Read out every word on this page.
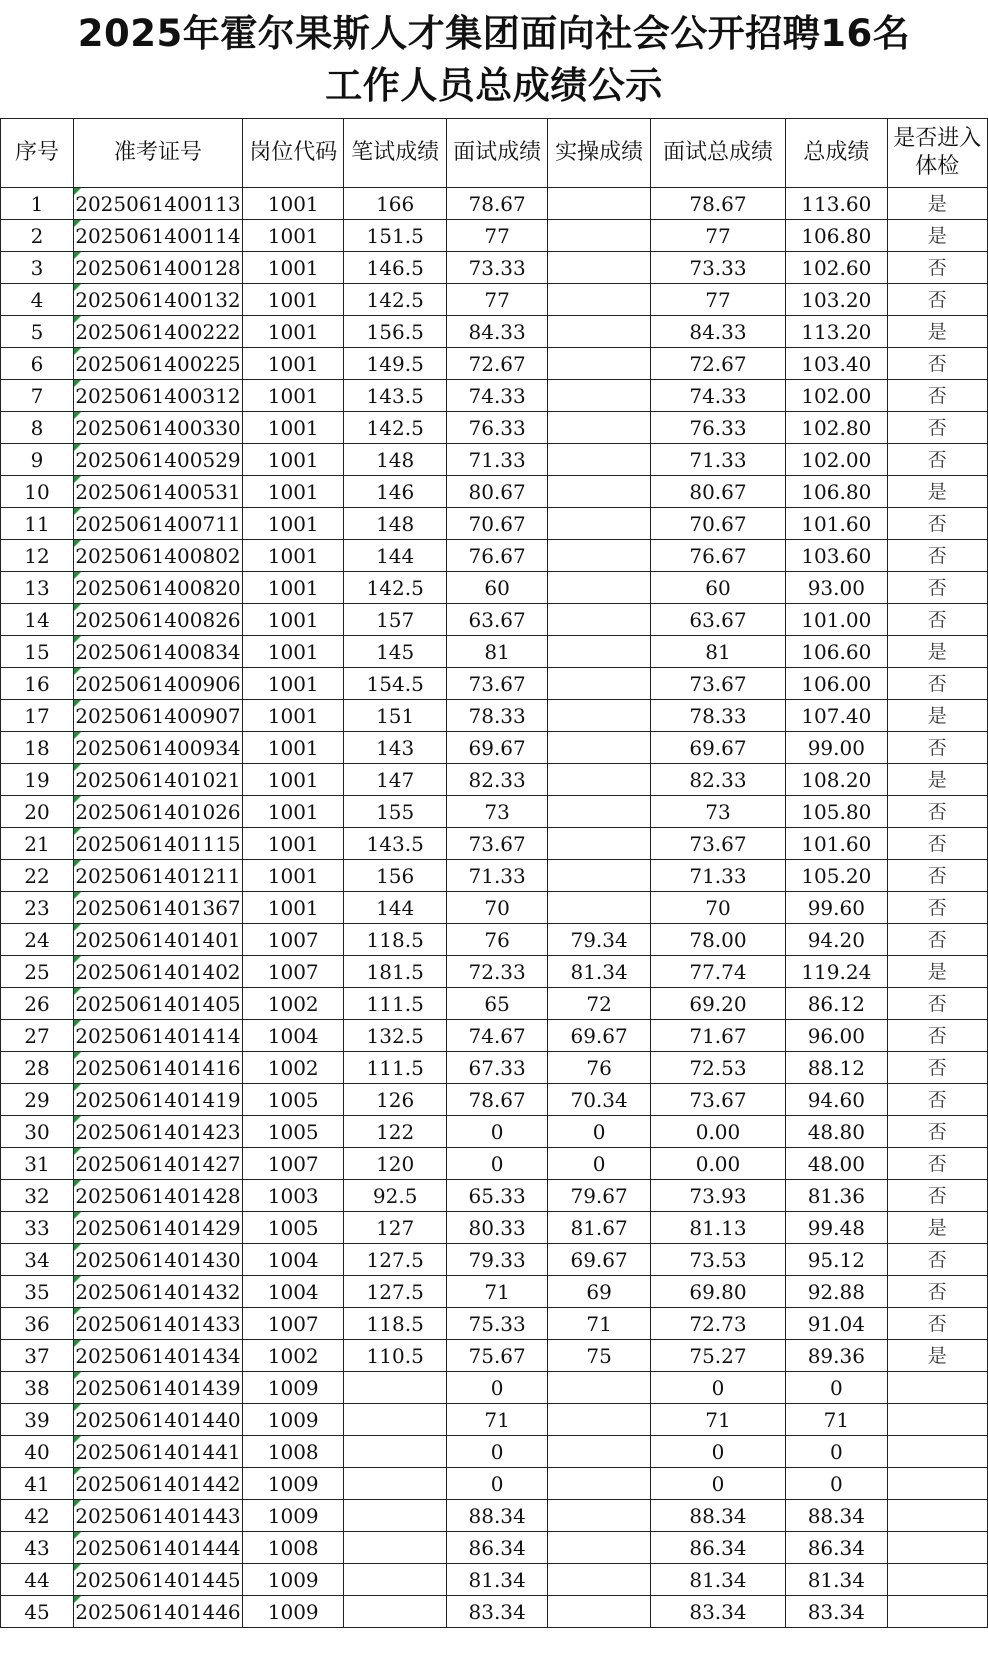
2025年霍尔果斯人才集团面向社会公开招聘16名
工作人员总成绩公示
序号	准考证号	岗位代码	笔试成绩	面试成绩	实操成绩	面试总成绩	总成绩	是否进入体检
1	2025061400113	1001	166	78.67		78.67	113.60	是
2	2025061400114	1001	151.5	77		77	106.80	是
3	2025061400128	1001	146.5	73.33		73.33	102.60	否
4	2025061400132	1001	142.5	77		77	103.20	否
5	2025061400222	1001	156.5	84.33		84.33	113.20	是
6	2025061400225	1001	149.5	72.67		72.67	103.40	否
7	2025061400312	1001	143.5	74.33		74.33	102.00	否
8	2025061400330	1001	142.5	76.33		76.33	102.80	否
9	2025061400529	1001	148	71.33		71.33	102.00	否
10	2025061400531	1001	146	80.67		80.67	106.80	是
11	2025061400711	1001	148	70.67		70.67	101.60	否
12	2025061400802	1001	144	76.67		76.67	103.60	否
13	2025061400820	1001	142.5	60		60	93.00	否
14	2025061400826	1001	157	63.67		63.67	101.00	否
15	2025061400834	1001	145	81		81	106.60	是
16	2025061400906	1001	154.5	73.67		73.67	106.00	否
17	2025061400907	1001	151	78.33		78.33	107.40	是
18	2025061400934	1001	143	69.67		69.67	99.00	否
19	2025061401021	1001	147	82.33		82.33	108.20	是
20	2025061401026	1001	155	73		73	105.80	否
21	2025061401115	1001	143.5	73.67		73.67	101.60	否
22	2025061401211	1001	156	71.33		71.33	105.20	否
23	2025061401367	1001	144	70		70	99.60	否
24	2025061401401	1007	118.5	76	79.34	78.00	94.20	否
25	2025061401402	1007	181.5	72.33	81.34	77.74	119.24	是
26	2025061401405	1002	111.5	65	72	69.20	86.12	否
27	2025061401414	1004	132.5	74.67	69.67	71.67	96.00	否
28	2025061401416	1002	111.5	67.33	76	72.53	88.12	否
29	2025061401419	1005	126	78.67	70.34	73.67	94.60	否
30	2025061401423	1005	122	0	0	0.00	48.80	否
31	2025061401427	1007	120	0	0	0.00	48.00	否
32	2025061401428	1003	92.5	65.33	79.67	73.93	81.36	否
33	2025061401429	1005	127	80.33	81.67	81.13	99.48	是
34	2025061401430	1004	127.5	79.33	69.67	73.53	95.12	否
35	2025061401432	1004	127.5	71	69	69.80	92.88	否
36	2025061401433	1007	118.5	75.33	71	72.73	91.04	否
37	2025061401434	1002	110.5	75.67	75	75.27	89.36	是
38	2025061401439	1009		0		0	0	
39	2025061401440	1009		71		71	71	
40	2025061401441	1008		0		0	0	
41	2025061401442	1009		0		0	0	
42	2025061401443	1009		88.34		88.34	88.34	
43	2025061401444	1008		86.34		86.34	86.34	
44	2025061401445	1009		81.34		81.34	81.34	
45	2025061401446	1009		83.34		83.34	83.34	
